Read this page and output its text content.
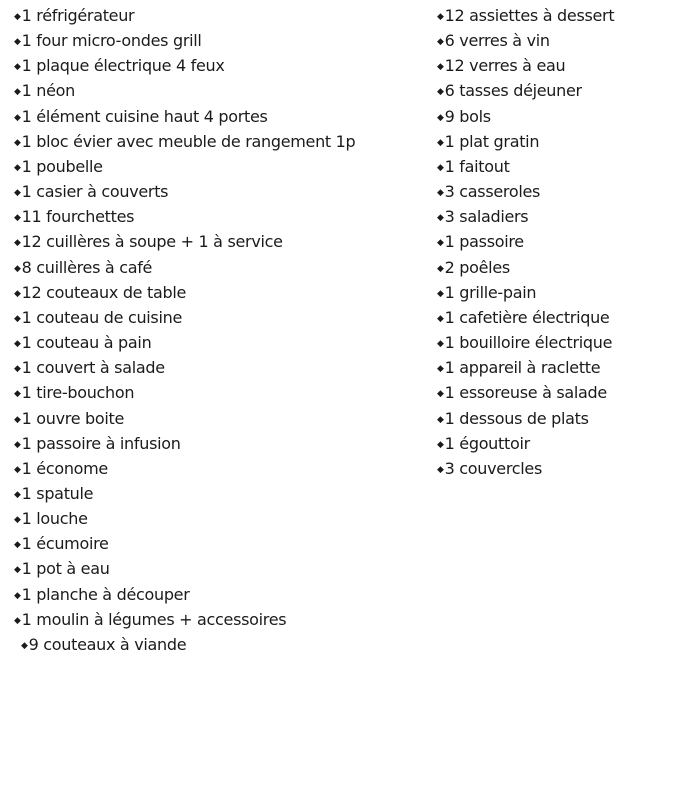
◆1 réfrigérateur
◆1 four micro-ondes grill
◆1 plaque électrique 4 feux
◆1 néon
◆1 élément cuisine haut 4 portes
◆1 bloc évier avec meuble de rangement 1p
◆1 poubelle
◆1 casier à couverts
◆11 fourchettes
◆12 cuillères à soupe + 1 à service
◆8 cuillères à café
◆12 couteaux de table
◆1 couteau de cuisine
◆1 couteau à pain
◆1 couvert à salade
◆1 tire-bouchon
◆1 ouvre boite
◆1 passoire à infusion
◆1 économe
◆1 spatule
◆1 louche
◆1 écumoire
◆1 pot à eau
◆1 planche à découper
◆1 moulin à légumes + accessoires
◆9 couteaux à viande
◆12 assiettes à dessert
◆6 verres à vin
◆12 verres à eau
◆6 tasses déjeuner
◆9 bols
◆1 plat gratin
◆1 faitout
◆3 casseroles
◆3 saladiers
◆1 passoire
◆2 poêles
◆1 grille-pain
◆1 cafetière électrique
◆1 bouilloire électrique
◆1 appareil à raclette
◆1 essoreuse à salade
◆1 dessous de plats
◆1 égouttoir
◆3 couvercles
